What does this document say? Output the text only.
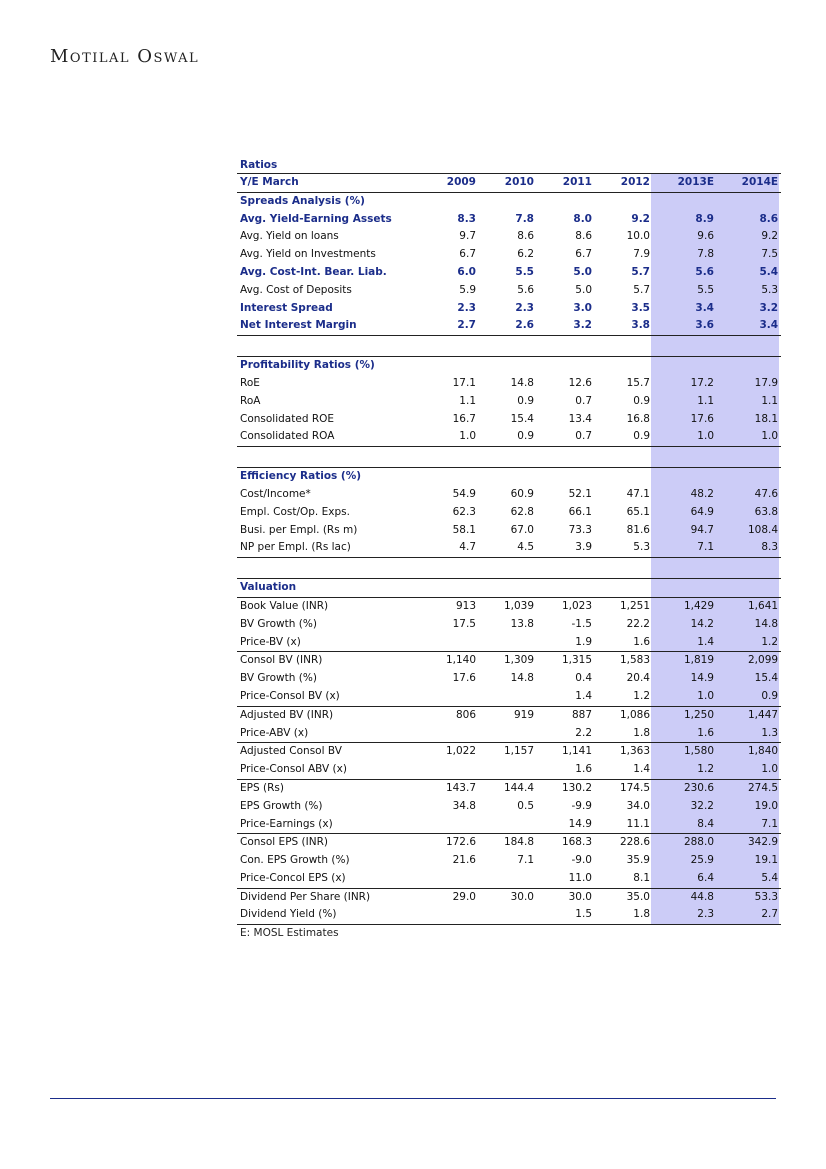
Motilal Oswal
Ratios						
Y/E March	2009	2010	2011	2012	2013E	2014E
Spreads Analysis (%)						
Avg. Yield-Earning Assets	8.3	7.8	8.0	9.2	8.9	8.6
Avg. Yield on loans	9.7	8.6	8.6	10.0	9.6	9.2
Avg. Yield on Investments	6.7	6.2	6.7	7.9	7.8	7.5
Avg. Cost-Int. Bear. Liab.	6.0	5.5	5.0	5.7	5.6	5.4
Avg. Cost of Deposits	5.9	5.6	5.0	5.7	5.5	5.3
Interest Spread	2.3	2.3	3.0	3.5	3.4	3.2
Net Interest Margin	2.7	2.6	3.2	3.8	3.6	3.4

Profitability Ratios (%)						
RoE	17.1	14.8	12.6	15.7	17.2	17.9
RoA	1.1	0.9	0.7	0.9	1.1	1.1
Consolidated ROE	16.7	15.4	13.4	16.8	17.6	18.1
Consolidated ROA	1.0	0.9	0.7	0.9	1.0	1.0

Efficiency Ratios (%)						
Cost/Income*	54.9	60.9	52.1	47.1	48.2	47.6
Empl. Cost/Op. Exps.	62.3	62.8	66.1	65.1	64.9	63.8
Busi. per Empl. (Rs m)	58.1	67.0	73.3	81.6	94.7	108.4
NP per Empl. (Rs lac)	4.7	4.5	3.9	5.3	7.1	8.3

Valuation						
Book Value (INR)	913	1,039	1,023	1,251	1,429	1,641
BV Growth (%)	17.5	13.8	-1.5	22.2	14.2	14.8
Price-BV (x)			1.9	1.6	1.4	1.2
Consol BV (INR)	1,140	1,309	1,315	1,583	1,819	2,099
BV Growth (%)	17.6	14.8	0.4	20.4	14.9	15.4
Price-Consol BV (x)			1.4	1.2	1.0	0.9
Adjusted BV (INR)	806	919	887	1,086	1,250	1,447
Price-ABV (x)			2.2	1.8	1.6	1.3
Adjusted Consol BV	1,022	1,157	1,141	1,363	1,580	1,840
Price-Consol ABV (x)			1.6	1.4	1.2	1.0
EPS (Rs)	143.7	144.4	130.2	174.5	230.6	274.5
EPS Growth (%)	34.8	0.5	-9.9	34.0	32.2	19.0
Price-Earnings (x)			14.9	11.1	8.4	7.1
Consol EPS (INR)	172.6	184.8	168.3	228.6	288.0	342.9
Con. EPS Growth (%)	21.6	7.1	-9.0	35.9	25.9	19.1
Price-Concol EPS (x)			11.0	8.1	6.4	5.4
Dividend Per Share (INR)	29.0	30.0	30.0	35.0	44.8	53.3
Dividend Yield (%)			1.5	1.8	2.3	2.7
E: MOSL Estimates
